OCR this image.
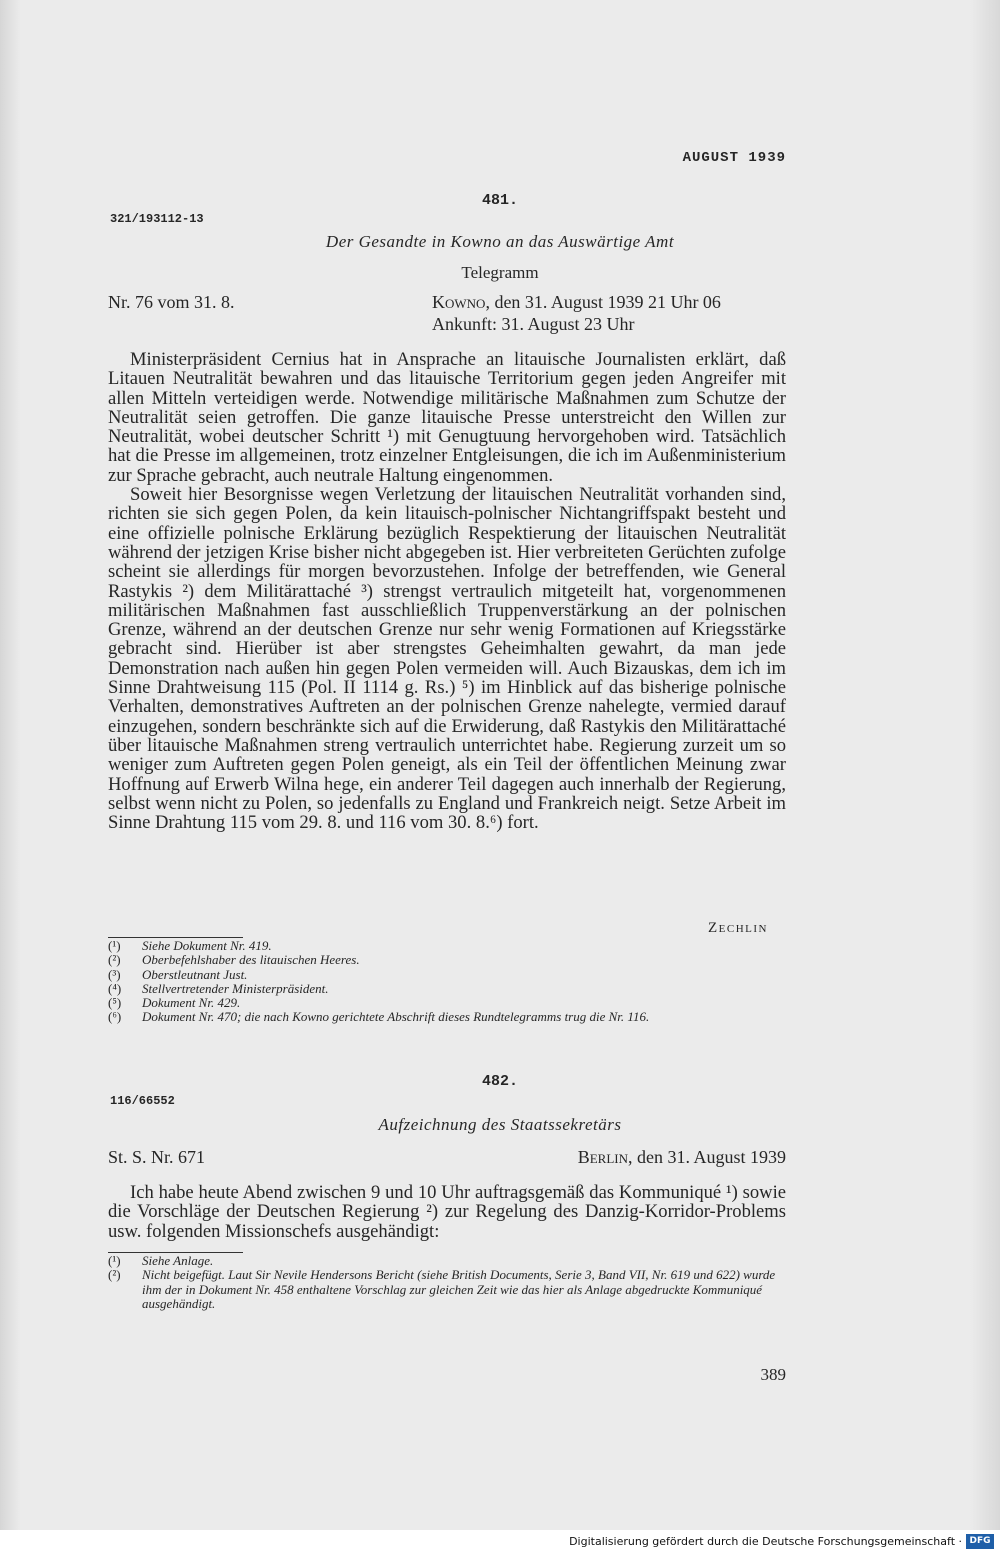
AUGUST 1939
481.
321/193112-13
Der Gesandte in Kowno an das Auswärtige Amt
Telegramm
Nr. 76 vom 31. 8.	Kowno, den 31. August 1939 21 Uhr 06
Ankunft: 31. August 23 Uhr

Ministerpräsident Cernius hat in Ansprache an litauische Journalisten erklärt, daß Litauen Neutralität bewahren und das litauische Territorium gegen jeden Angreifer mit allen Mitteln verteidigen werde. Notwendige militärische Maßnahmen zum Schutze der Neutralität seien getroffen. Die ganze litauische Presse unterstreicht den Willen zur Neutralität, wobei deutscher Schritt ¹) mit Genugtuung hervorgehoben wird. Tatsächlich hat die Presse im allgemeinen, trotz einzelner Entgleisungen, die ich im Außenministerium zur Sprache gebracht, auch neutrale Haltung eingenommen.

Soweit hier Besorgnisse wegen Verletzung der litauischen Neutralität vorhanden sind, richten sie sich gegen Polen, da kein litauisch-polnischer Nichtangriffspakt besteht und eine offizielle polnische Erklärung bezüglich Respektierung der litauischen Neutralität während der jetzigen Krise bisher nicht abgegeben ist. Hier verbreiteten Gerüchten zufolge scheint sie allerdings für morgen bevorzustehen. Infolge der betreffenden, wie General Rastykis ²) dem Militärattaché ³) strengst vertraulich mitgeteilt hat, vorgenommenen militärischen Maßnahmen fast ausschließlich Truppenverstärkung an der polnischen Grenze, während an der deutschen Grenze nur sehr wenig Formationen auf Kriegsstärke gebracht sind. Hierüber ist aber strengstes Geheimhalten gewahrt, da man jede Demonstration nach außen hin gegen Polen vermeiden will. Auch Bizauskas, dem ich im Sinne Drahtweisung 115 (Pol. II 1114 g. Rs.) ⁵) im Hinblick auf das bisherige polnische Verhalten, demonstratives Auftreten an der polnischen Grenze nahelegte, vermied darauf einzugehen, sondern beschränkte sich auf die Erwiderung, daß Rastykis den Militärattaché über litauische Maßnahmen streng vertraulich unterrichtet habe. Regierung zurzeit um so weniger zum Auftreten gegen Polen geneigt, als ein Teil der öffentlichen Meinung zwar Hoffnung auf Erwerb Wilna hege, ein anderer Teil dagegen auch innerhalb der Regierung, selbst wenn nicht zu Polen, so jedenfalls zu England und Frankreich neigt. Setze Arbeit im Sinne Drahtung 115 vom 29. 8. und 116 vom 30. 8.⁶) fort.

Zechlin
(¹)	Siehe Dokument Nr. 419.
(²)	Oberbefehlshaber des litauischen Heeres.
(³)	Oberstleutnant Just.
(⁴)	Stellvertretender Ministerpräsident.
(⁵)	Dokument Nr. 429.
(⁶)	Dokument Nr. 470; die nach Kowno gerichtete Abschrift dieses Rundtelegramms trug die Nr. 116.
482.
116/66552
Aufzeichnung des Staatssekretärs
St. S. Nr. 671	Berlin, den 31. August 1939

Ich habe heute Abend zwischen 9 und 10 Uhr auftragsgemäß das Kommuniqué ¹) sowie die Vorschläge der Deutschen Regierung ²) zur Regelung des Danzig-Korridor-Problems usw. folgenden Missionschefs ausgehändigt:

(¹)	Siehe Anlage.
(²)	Nicht beigefügt. Laut Sir Nevile Hendersons Bericht (siehe British Documents, Serie 3, Band VII, Nr. 619 und 622) wurde ihm der in Dokument Nr. 458 enthaltene Vorschlag zur gleichen Zeit wie das hier als Anlage abgedruckte Kommuniqué ausgehändigt.
389
Digitalisierung gefördert durch die Deutsche Forschungsgemeinschaft · DFG
